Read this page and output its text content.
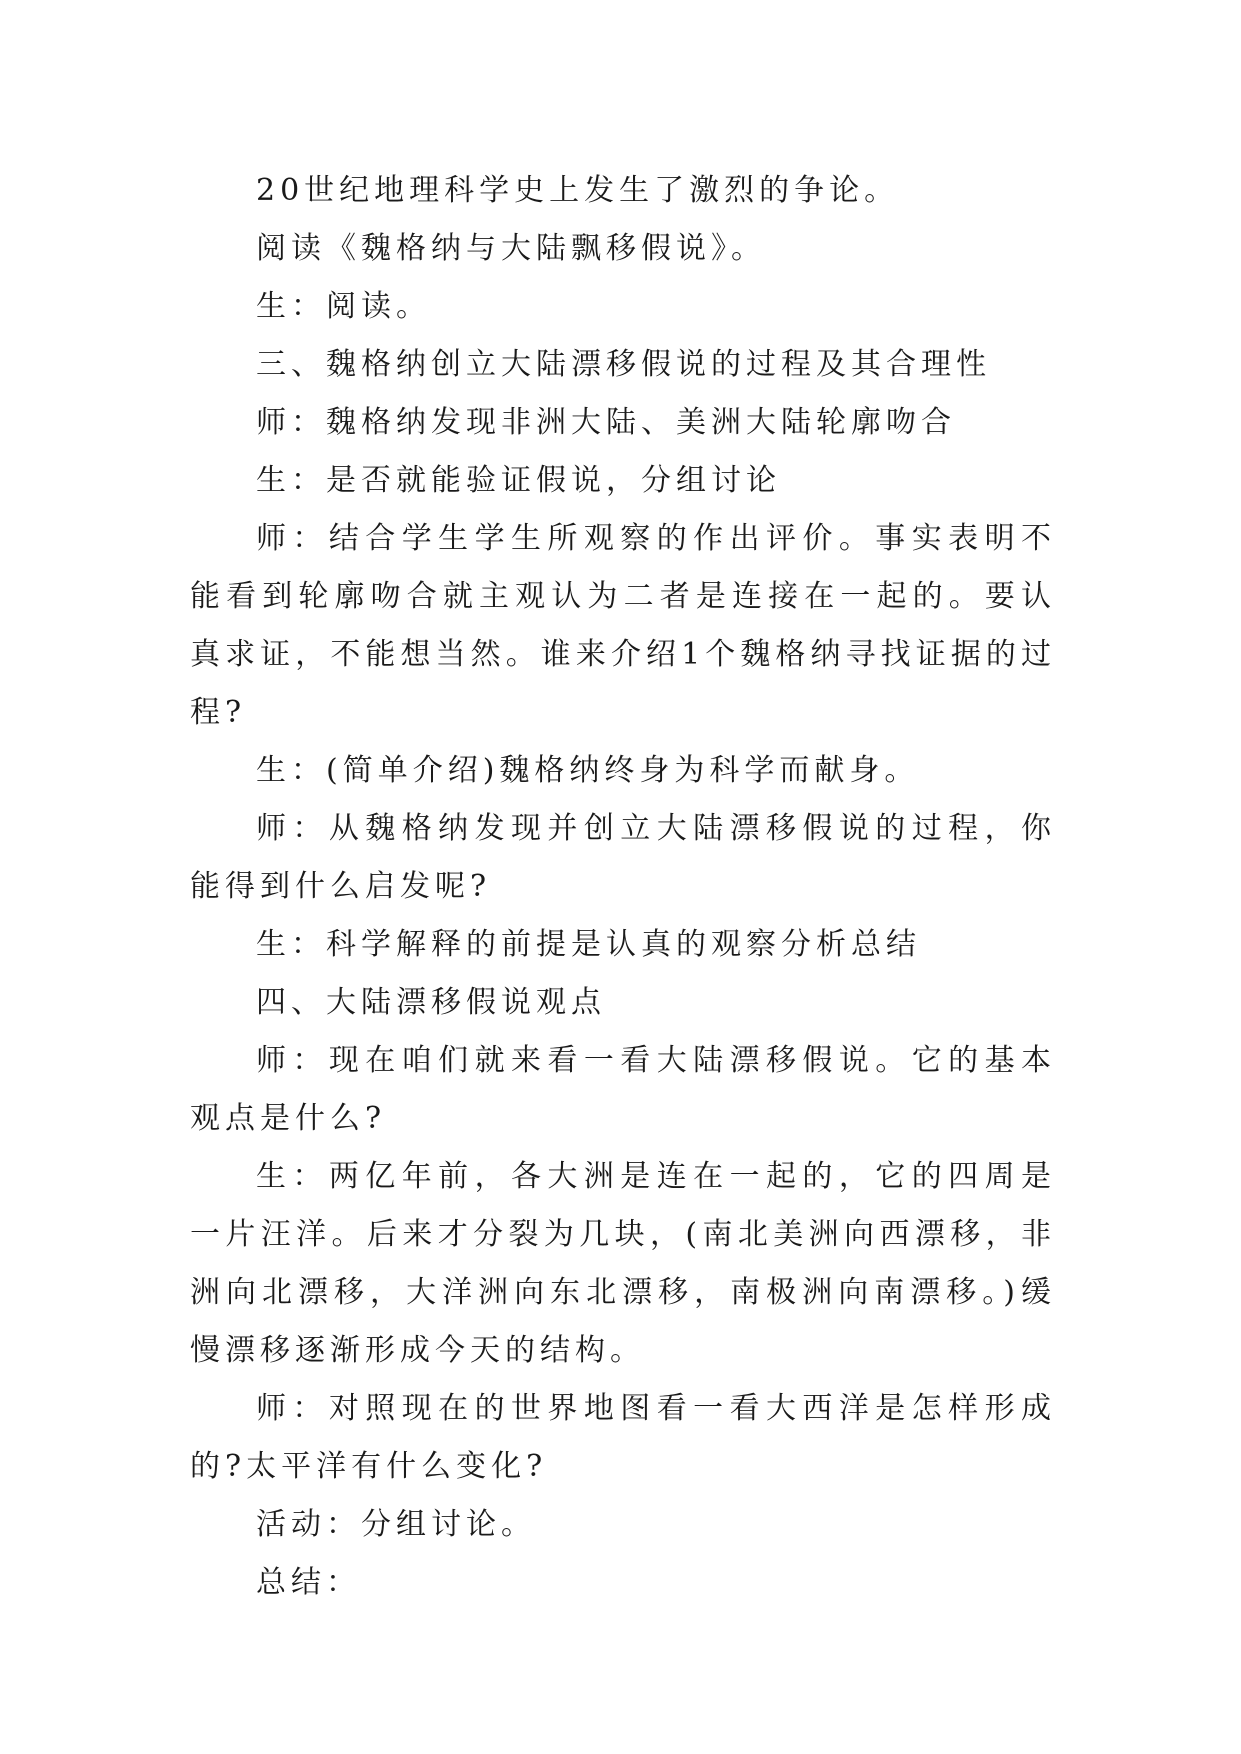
20世纪地理科学史上发生了激烈的争论。

阅读《魏格纳与大陆飘移假说》。

生：阅读。

三、魏格纳创立大陆漂移假说的过程及其合理性

师：魏格纳发现非洲大陆、美洲大陆轮廓吻合

生：是否就能验证假说，分组讨论

师：结合学生学生所观察的作出评价。事实表明不能看到轮廓吻合就主观认为二者是连接在一起的。要认真求证，不能想当然。谁来介绍1个魏格纳寻找证据的过程?

生：(简单介绍)魏格纳终身为科学而献身。

师：从魏格纳发现并创立大陆漂移假说的过程，你能得到什么启发呢?

生：科学解释的前提是认真的观察分析总结

四、大陆漂移假说观点

师：现在咱们就来看一看大陆漂移假说。它的基本观点是什么?

生：两亿年前，各大洲是连在一起的，它的四周是一片汪洋。后来才分裂为几块，(南北美洲向西漂移，非洲向北漂移，大洋洲向东北漂移，南极洲向南漂移。)缓慢漂移逐渐形成今天的结构。

师：对照现在的世界地图看一看大西洋是怎样形成的?太平洋有什么变化?

活动：分组讨论。

总结：
